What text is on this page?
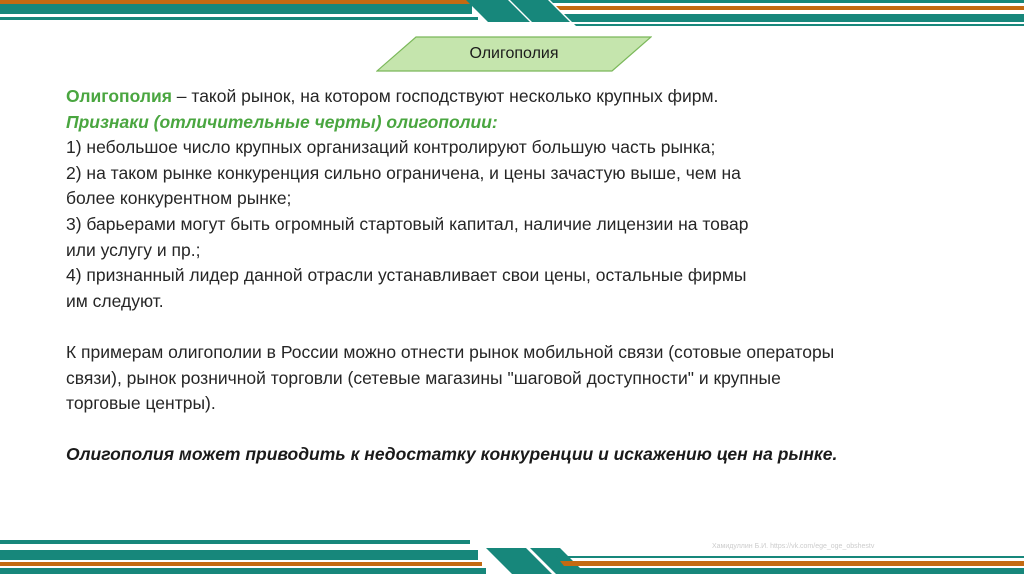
Олигополия

Олигополия – такой рынок, на котором господствуют несколько крупных фирм.

Признаки (отличительные черты) олигополии:

1) небольшое число крупных организаций контролируют большую часть рынка;

2) на таком рынке конкуренция сильно ограничена, и цены зачастую выше, чем на

более конкурентном рынке;

3) барьерами могут быть огромный стартовый капитал, наличие лицензии на товар

или услугу и пр.;

4) признанный лидер данной отрасли устанавливает свои цены, остальные фирмы

им следуют.

К примерам олигополии в России можно отнести рынок мобильной связи (сотовые операторы

связи), рынок розничной торговли (сетевые магазины "шаговой доступности" и крупные

торговые центры).

Олигополия может приводить к недостатку конкуренции и искажению цен на рынке.

Хамидуллин Б.И. https://vk.com/ege_oge_obshestv
